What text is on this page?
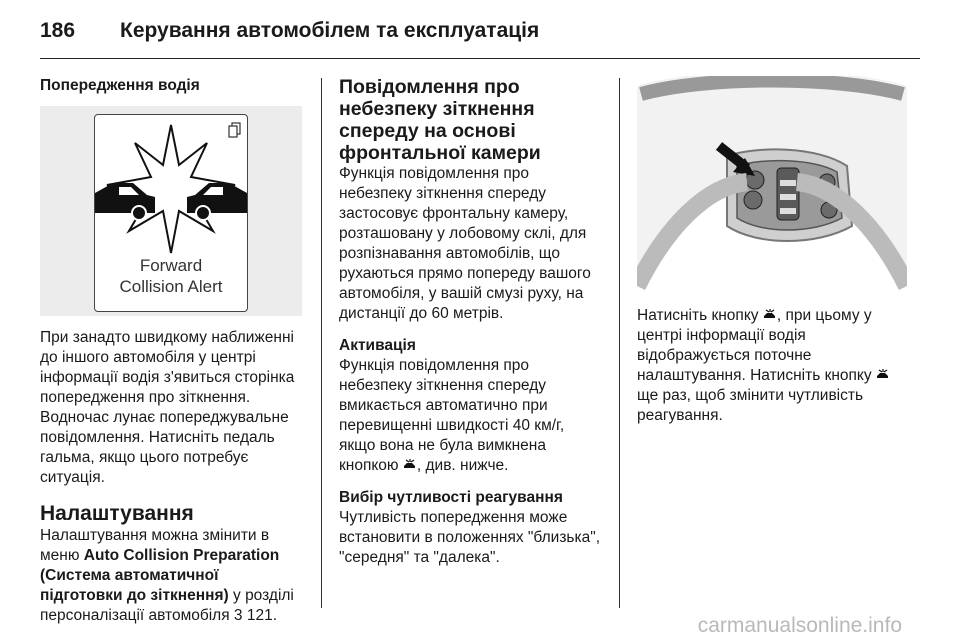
186 Керування автомобілем та експлуатація

Попередження водія

Forward
Collision Alert

При занадто швидкому наближенні до іншого автомобіля у центрі інформації водія з'явиться сторінка попередження про зіткнення. Водночас лунає попереджувальне повідомлення. Натисніть педаль гальма, якщо цього потребує ситуація.

Налаштування

Налаштування можна змінити в меню Auto Collision Preparation (Система автоматичної підготовки до зіткнення) у розділі персоналізації автомобіля 3 121.

Повідомлення про небезпеку зіткнення спереду на основі фронтальної камери

Функція повідомлення про небезпеку зіткнення спереду застосовує фронтальну камеру, розташовану у лобовому склі, для розпізнавання автомобілів, що рухаються прямо попереду вашого автомобіля, у вашій смузі руху, на дистанції до 60 метрів.

Активація

Функція повідомлення про небезпеку зіткнення спереду вмикається автоматично при перевищенні швидкості 40 км/г, якщо вона не була вимкнена кнопкою , див. нижче.

Вибір чутливості реагування

Чутливість попередження може встановити в положеннях "близька", "середня" та "далека".

Натисніть кнопку , при цьому у центрі інформації водія відображується поточне налаштування. Натисніть кнопку  ще раз, щоб змінити чутливість реагування.

carmanualsonline.info
